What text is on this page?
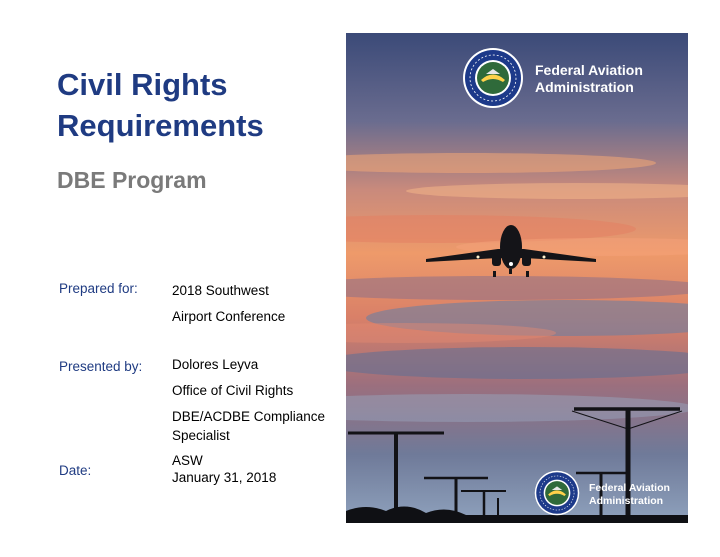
Civil Rights
Requirements
DBE Program
Prepared for:	2018 Southwest
Airport Conference
Presented by: Dolores Leyva
Office of Civil Rights
DBE/ACDBE Compliance
Specialist
ASW
Date:	January 31, 2018
Federal Aviation
Administration
Federal Aviation
Administration
